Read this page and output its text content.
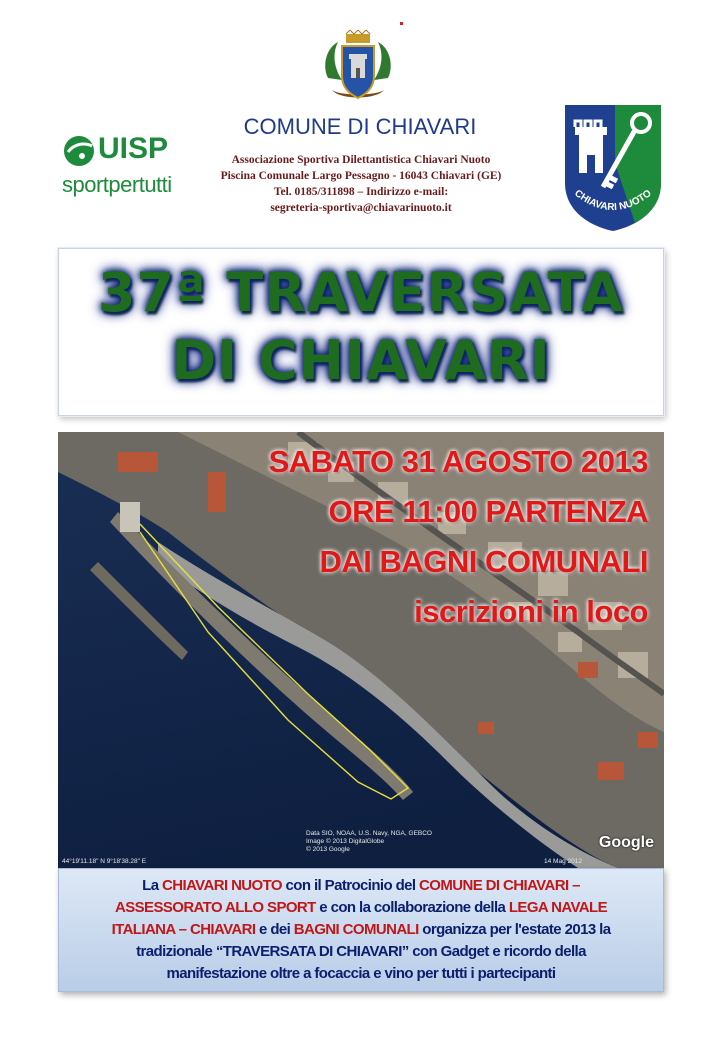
UISP
sportpertutti
COMUNE DI CHIAVARI
Associazione Sportiva Dilettantistica Chiavari Nuoto
Piscina Comunale Largo Pessagno - 16043 Chiavari (GE)
Tel. 0185/311898 – Indirizzo e-mail:
segreteria-sportiva@chiavarinuoto.it
CHIAVARI NUOTO
37ª TRAVERSATA
DI CHIAVARI
SABATO 31 AGOSTO 2013
ORE 11:00 PARTENZA
DAI BAGNI COMUNALI
iscrizioni in loco
Data SIO, NOAA, U.S. Navy, NGA, GEBCO
Image © 2013 DigitalGlobe
© 2013 Google
44°19'11.18" N 9°18'38.28" E	14 Mag 2012
Google
La CHIAVARI NUOTO con il Patrocinio del COMUNE DI CHIAVARI –
ASSESSORATO ALLO SPORT e con la collaborazione della LEGA NAVALE
ITALIANA – CHIAVARI e dei BAGNI COMUNALI organizza per l'estate 2013 la
tradizionale “TRAVERSATA DI CHIAVARI” con Gadget e ricordo della
manifestazione oltre a focaccia e vino per tutti i partecipanti
